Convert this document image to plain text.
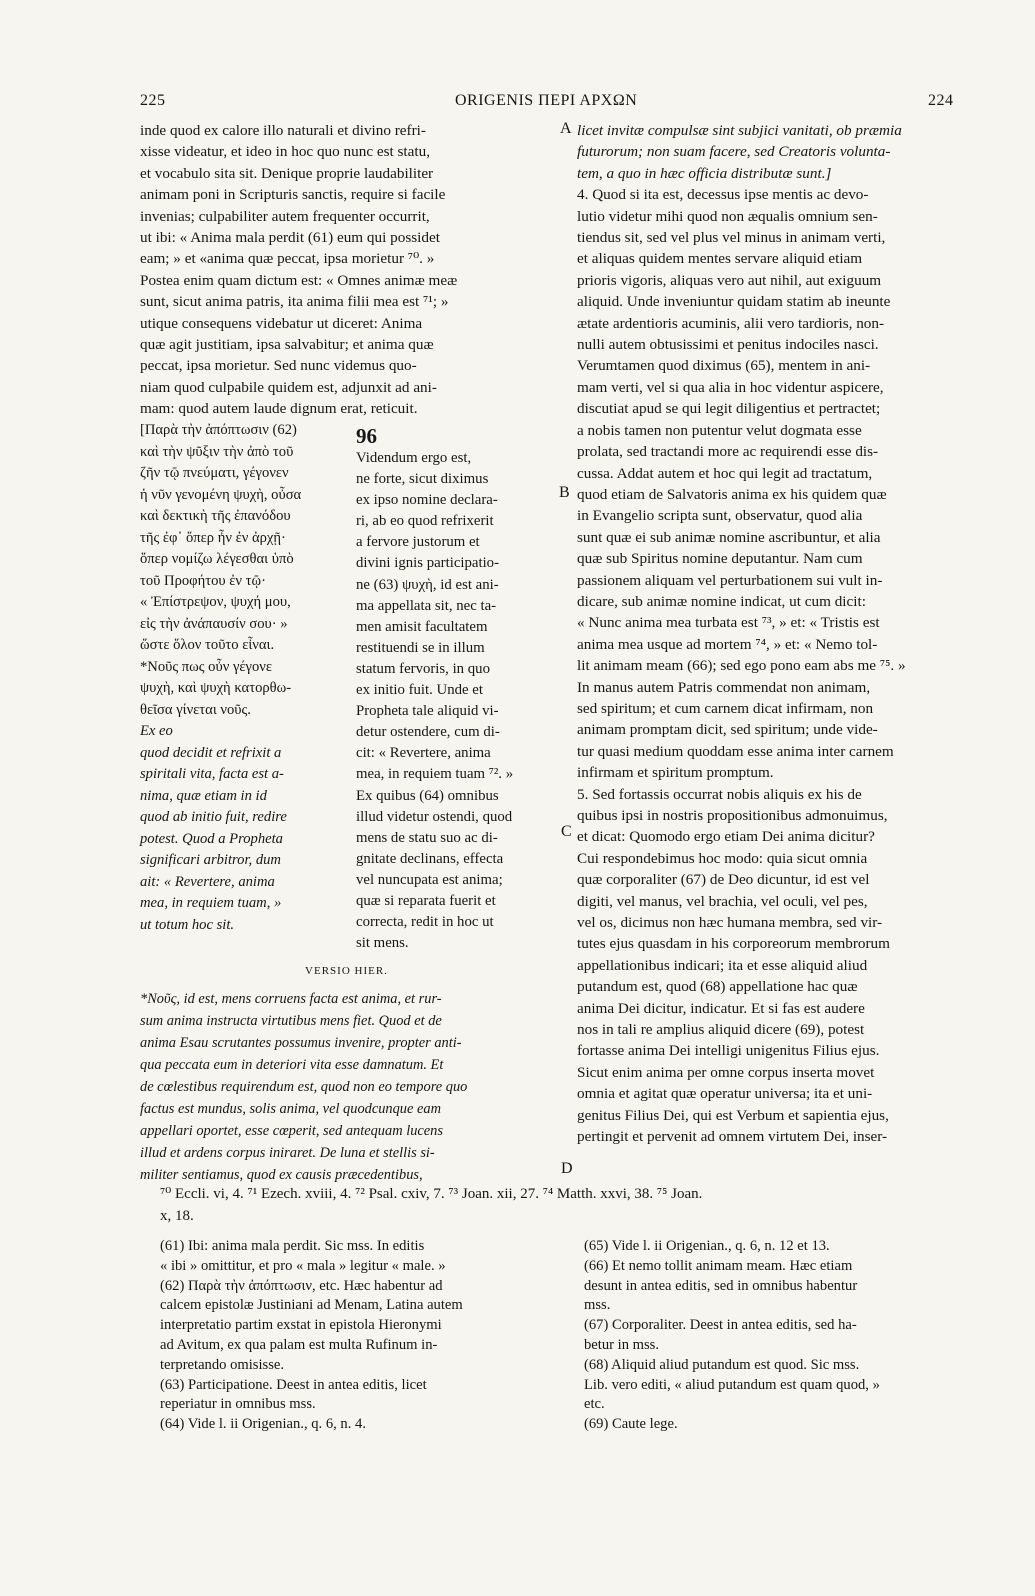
225	ORIGENIS ΠΕΡΙ ΑΡΧΩΝ	224

inde quod ex calore illo naturali et divino refri-

xisse videatur, et ideo in hoc quo nunc est statu,

et vocabulo sita sit. Denique proprie laudabiliter

animam poni in Scripturis sanctis, require si facile

invenias; culpabiliter autem frequenter occurrit,

ut ibi: « Anima mala perdit (61) eum qui possidet

eam; » et «anima quæ peccat, ipsa morietur ⁷⁰. »

Postea enim quam dictum est: « Omnes animæ meæ

sunt, sicut anima patris, ita anima filii mea est ⁷¹; »

utique consequens videbatur ut diceret: Anima

quæ agit justitiam, ipsa salvabitur; et anima quæ

peccat, ipsa morietur. Sed nunc videmus quo-

niam quod culpabile quidem est, adjunxit ad ani-

mam: quod autem laude dignum erat, reticuit.

[Παρὰ τὴν ἀπόπτωσιν (62)

καὶ τὴν ψῦξιν τὴν ἀπὸ τοῦ

ζῆν τῷ πνεύματι, γέγονεν

ἡ νῦν γενομένη ψυχὴ, οὖσα

καὶ δεκτικὴ τῆς ἐπανόδου

τῆς ἐφ᾽ ὅπερ ἦν ἐν ἀρχῇ·

ὅπερ νομίζω λέγεσθαι ὑπὸ

τοῦ Προφήτου ἐν τῷ·

« Ἐπίστρεψον, ψυχή μου,

εἰς τὴν ἀνάπαυσίν σου· »

ὥστε ὅλον τοῦτο εἶναι.

*Νοῦς πως οὖν γέγονε

ψυχὴ, καὶ ψυχὴ κατορθω-

θεῖσα γίνεται νοῦς.

Ex eo

quod decidit et refrixit a

spiritali vita, facta est a-

nima, quæ etiam in id

quod ab initio fuit, redire

potest. Quod a Propheta

significari arbitror, dum

ait: « Revertere, anima

mea, in requiem tuam, »

ut totum hoc sit.

96

Videndum ergo est,

ne forte, sicut diximus

ex ipso nomine declara-

ri, ab eo quod refrixerit

a fervore justorum et

divini ignis participatio-

ne (63) ψυχὴ, id est ani-

ma appellata sit, nec ta-

men amisit facultatem

restituendi se in illum

statum fervoris, in quo

ex initio fuit. Unde et

Propheta tale aliquid vi-

detur ostendere, cum di-

cit: « Revertere, anima

mea, in requiem tuam ⁷². »

Ex quibus (64) omnibus

illud videtur ostendi, quod

mens de statu suo ac di-

gnitate declinans, effecta

vel nuncupata est anima;

quæ si reparata fuerit et

correcta, redit in hoc ut

sit mens.

VERSIO HIER.

*Νοῦς, id est, mens corruens facta est anima, et rur-

sum anima instructa virtutibus mens fiet. Quod et de

anima Esau scrutantes possumus invenire, propter anti-

qua peccata eum in deteriori vita esse damnatum. Et

de cœlestibus requirendum est, quod non eo tempore quo

factus est mundus, solis anima, vel quodcunque eam

appellari oportet, esse cœperit, sed antequam lucens

illud et ardens corpus iniraret. De luna et stellis si-

militer sentiamus, quod ex causis præcedentibus,

A
B
C
D

licet invitæ compulsæ sint subjici vanitati, ob præmia

futurorum; non suam facere, sed Creatoris volunta-

tem, a quo in hæc officia distributæ sunt.]

4. Quod si ita est, decessus ipse mentis ac devo-

lutio videtur mihi quod non æqualis omnium sen-

tiendus sit, sed vel plus vel minus in animam verti,

et aliquas quidem mentes servare aliquid etiam

prioris vigoris, aliquas vero aut nihil, aut exiguum

aliquid. Unde inveniuntur quidam statim ab ineunte

ætate ardentioris acuminis, alii vero tardioris, non-

nulli autem obtusissimi et penitus indociles nasci.

Verumtamen quod diximus (65), mentem in ani-

mam verti, vel si qua alia in hoc videntur aspicere,

discutiat apud se qui legit diligentius et pertractet;

a nobis tamen non putentur velut dogmata esse

prolata, sed tractandi more ac requirendi esse dis-

cussa. Addat autem et hoc qui legit ad tractatum,

quod etiam de Salvatoris anima ex his quidem quæ

in Evangelio scripta sunt, observatur, quod alia

sunt quæ ei sub animæ nomine ascribuntur, et alia

quæ sub Spiritus nomine deputantur. Nam cum

passionem aliquam vel perturbationem sui vult in-

dicare, sub animæ nomine indicat, ut cum dicit:

« Nunc anima mea turbata est ⁷³, » et: « Tristis est

anima mea usque ad mortem ⁷⁴, » et: « Nemo tol-

lit animam meam (66); sed ego pono eam abs me ⁷⁵. »

In manus autem Patris commendat non animam,

sed spiritum; et cum carnem dicat infirmam, non

animam promptam dicit, sed spiritum; unde vide-

tur quasi medium quoddam esse anima inter carnem

infirmam et spiritum promptum.

5. Sed fortassis occurrat nobis aliquis ex his de

quibus ipsi in nostris propositionibus admonuimus,

et dicat: Quomodo ergo etiam Dei anima dicitur?

Cui respondebimus hoc modo: quia sicut omnia

quæ corporaliter (67) de Deo dicuntur, id est vel

digiti, vel manus, vel brachia, vel oculi, vel pes,

vel os, dicimus non hæc humana membra, sed vir-

tutes ejus quasdam in his corporeorum membrorum

appellationibus indicari; ita et esse aliquid aliud

putandum est, quod (68) appellatione hac quæ

anima Dei dicitur, indicatur. Et si fas est audere

nos in tali re amplius aliquid dicere (69), potest

fortasse anima Dei intelligi unigenitus Filius ejus.

Sicut enim anima per omne corpus inserta movet

omnia et agitat quæ operatur universa; ita et uni-

genitus Filius Dei, qui est Verbum et sapientia ejus,

pertingit et pervenit ad omnem virtutem Dei, inser-

⁷⁰ Eccli. vi, 4. ⁷¹ Ezech. xviii, 4. ⁷² Psal. cxiv, 7. ⁷³ Joan. xii, 27. ⁷⁴ Matth. xxvi, 38. ⁷⁵ Joan.
x, 18.

(61) Ibi: anima mala perdit. Sic mss. In editis

« ibi » omittitur, et pro « mala » legitur « male. »

(62) Παρὰ τὴν ἀπόπτωσιν, etc. Hæc habentur ad

calcem epistolæ Justiniani ad Menam, Latina autem

interpretatio partim exstat in epistola Hieronymi

ad Avitum, ex qua palam est multa Rufinum in-

terpretando omisisse.

(63) Participatione. Deest in antea editis, licet

reperiatur in omnibus mss.

(64) Vide l. ii Origenian., q. 6, n. 4.

(65) Vide l. ii Origenian., q. 6, n. 12 et 13.

(66) Et nemo tollit animam meam. Hæc etiam

desunt in antea editis, sed in omnibus habentur

mss.

(67) Corporaliter. Deest in antea editis, sed ha-

betur in mss.

(68) Aliquid aliud putandum est quod. Sic mss.

Lib. vero editi, « aliud putandum est quam quod, »

etc.

(69) Caute lege.
